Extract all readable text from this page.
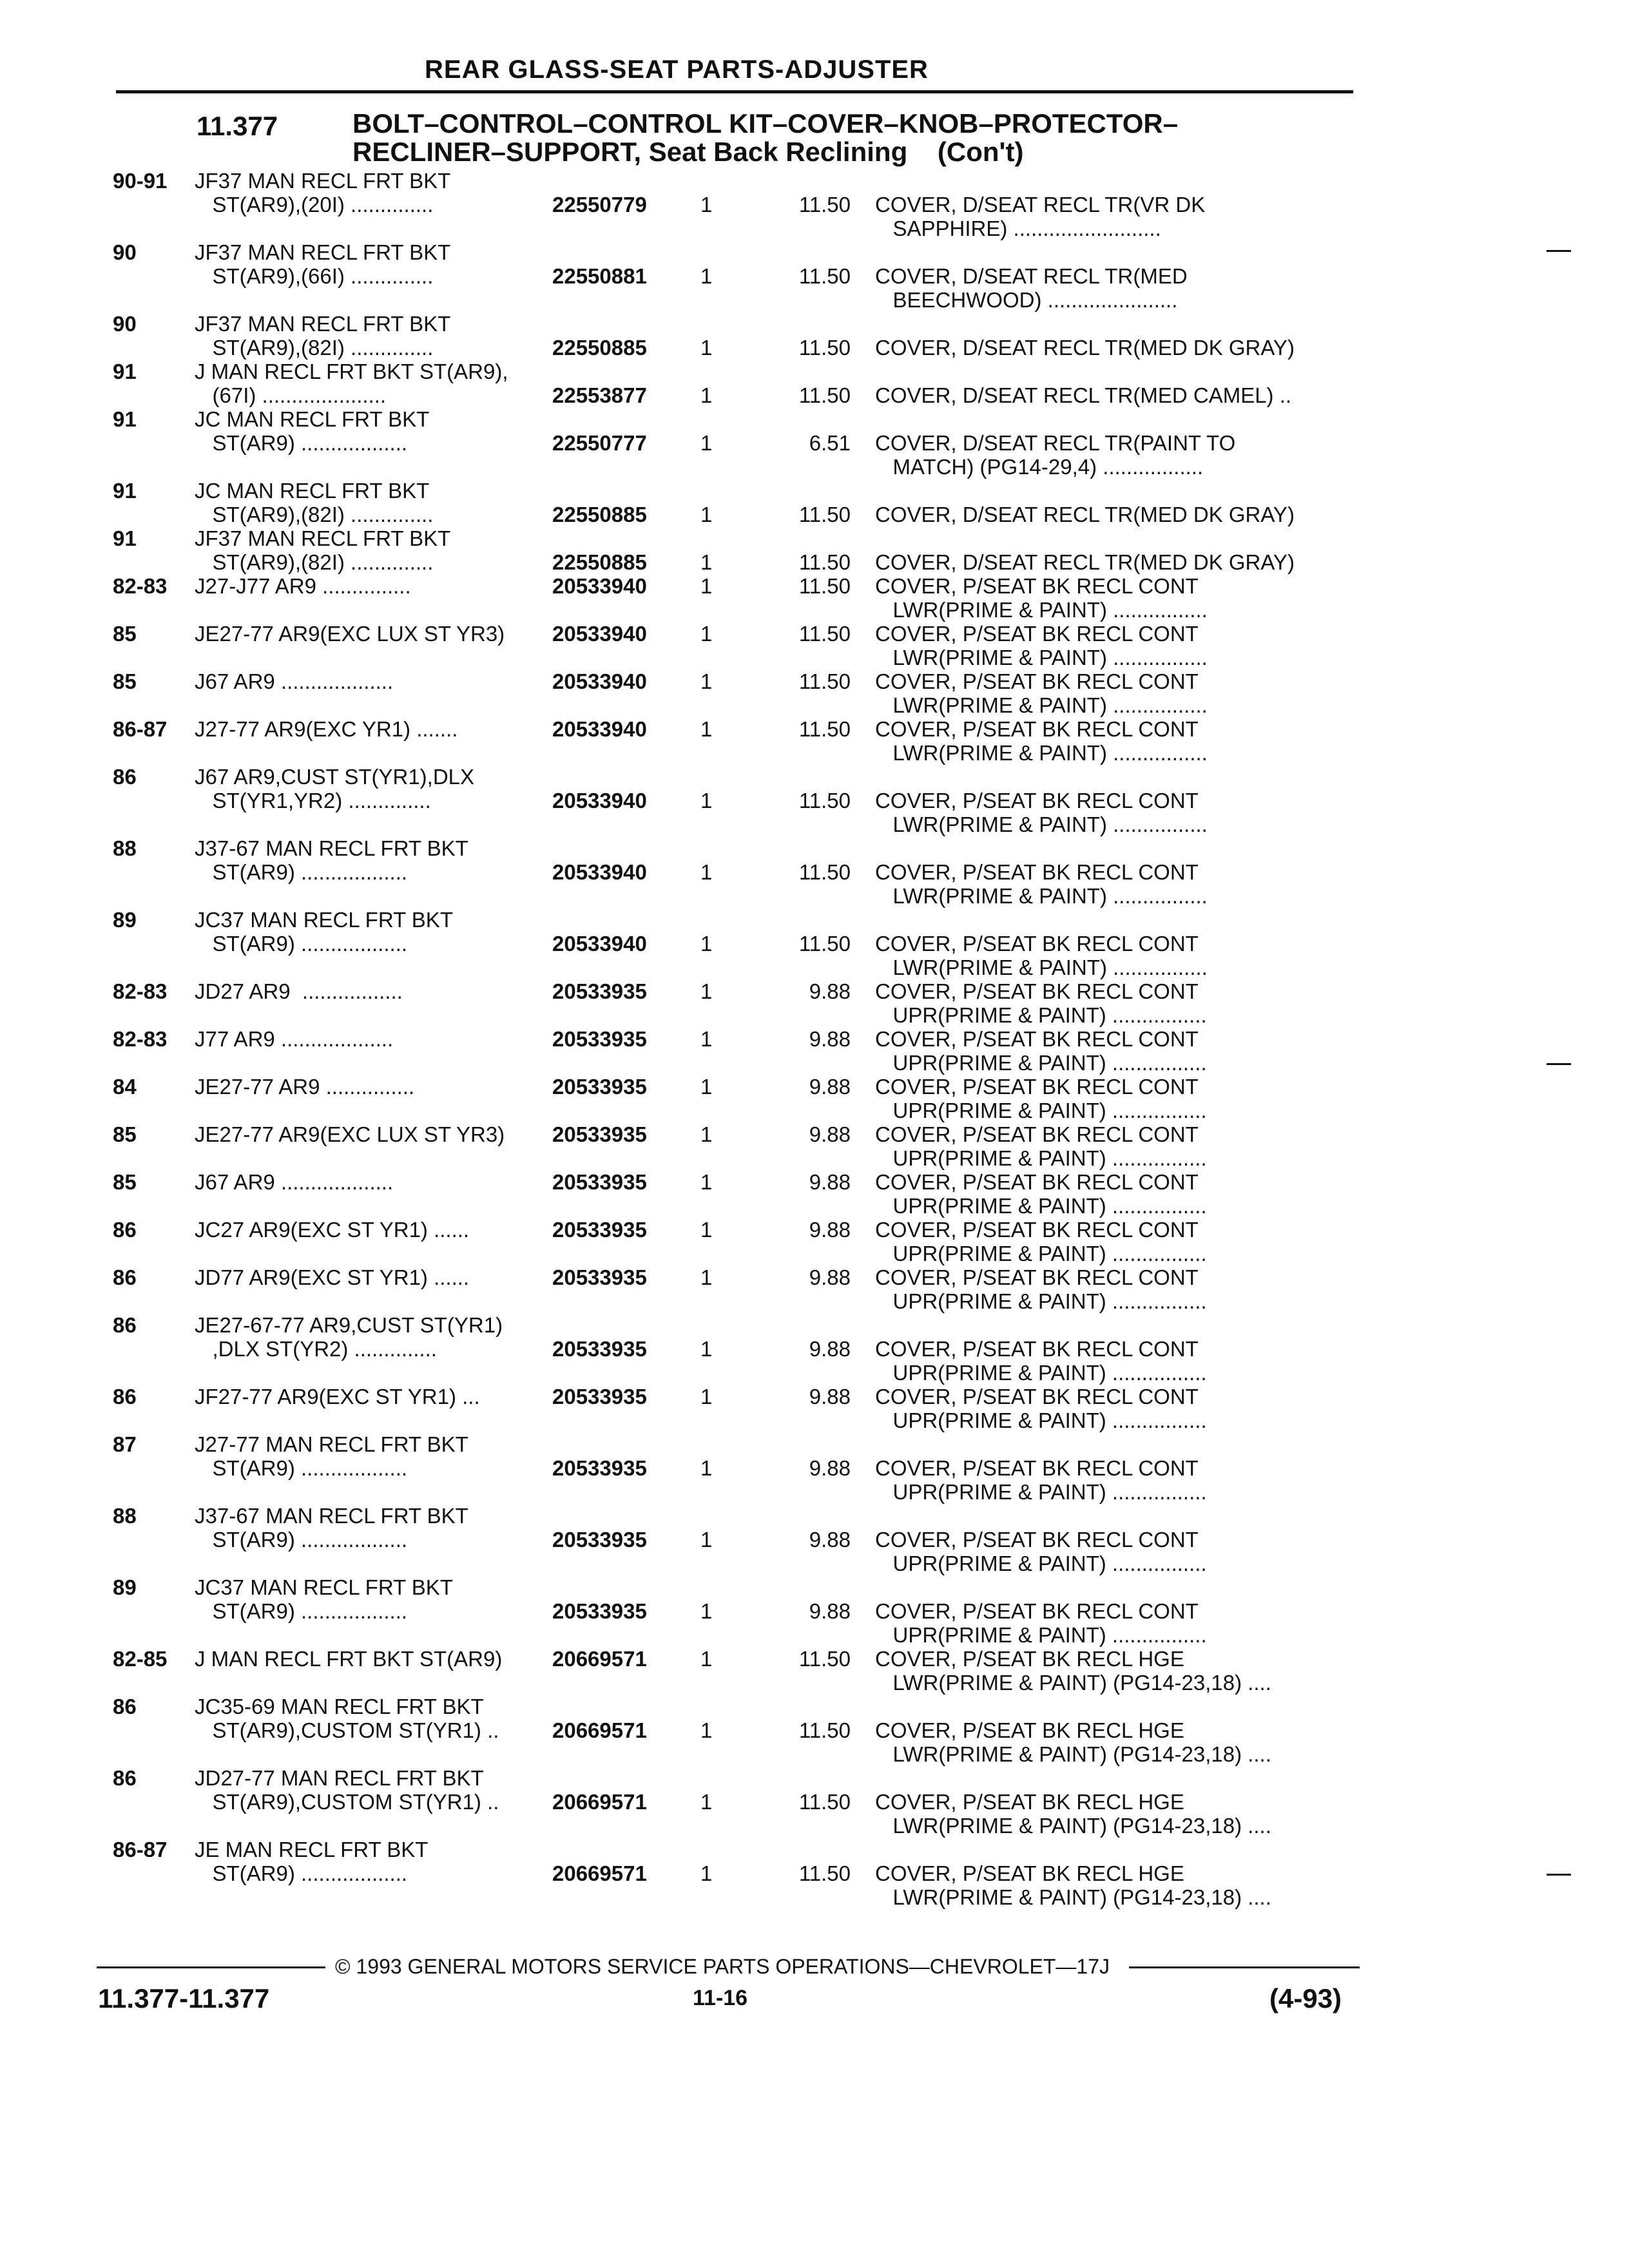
REAR GLASS-SEAT PARTS-ADJUSTER
11.377	BOLT–CONTROL–CONTROL KIT–COVER–KNOB–PROTECTOR–
RECLINER–SUPPORT, Seat Back Reclining    (Con't)
90-91	JF37 MAN RECL FRT BKT
ST(AR9),(20I) ..............	22550779	1	11.50 COVER, D/SEAT RECL TR(VR DK
SAPPHIRE) .........................
90	JF37 MAN RECL FRT BKT
ST(AR9),(66I) ..............	22550881	1	11.50 COVER, D/SEAT RECL TR(MED
BEECHWOOD) ......................
90	JF37 MAN RECL FRT BKT
ST(AR9),(82I) ..............	22550885	1	11.50 COVER, D/SEAT RECL TR(MED DK GRAY)
91	J MAN RECL FRT BKT ST(AR9),
(67I) .....................	22553877	1	11.50 COVER, D/SEAT RECL TR(MED CAMEL) ..
91	JC MAN RECL FRT BKT
ST(AR9) ..................	22550777	1	6.51 COVER, D/SEAT RECL TR(PAINT TO
MATCH) (PG14-29,4) .................
91	JC MAN RECL FRT BKT
ST(AR9),(82I) ..............	22550885	1	11.50 COVER, D/SEAT RECL TR(MED DK GRAY)
91	JF37 MAN RECL FRT BKT
ST(AR9),(82I) ..............	22550885	1	11.50 COVER, D/SEAT RECL TR(MED DK GRAY)
82-83	J27-J77 AR9 ...............	20533940	1	11.50 COVER, P/SEAT BK RECL CONT
LWR(PRIME & PAINT) ................
85	JE27-77 AR9(EXC LUX ST YR3)	20533940	1	11.50 COVER, P/SEAT BK RECL CONT
LWR(PRIME & PAINT) ................
85	J67 AR9 ...................	20533940	1	11.50 COVER, P/SEAT BK RECL CONT
LWR(PRIME & PAINT) ................
86-87	J27-77 AR9(EXC YR1) .......	20533940	1	11.50 COVER, P/SEAT BK RECL CONT
LWR(PRIME & PAINT) ................
86	J67 AR9,CUST ST(YR1),DLX
ST(YR1,YR2) ..............	20533940	1	11.50 COVER, P/SEAT BK RECL CONT
LWR(PRIME & PAINT) ................
88	J37-67 MAN RECL FRT BKT
ST(AR9) ..................	20533940	1	11.50 COVER, P/SEAT BK RECL CONT
LWR(PRIME & PAINT) ................
89	JC37 MAN RECL FRT BKT
ST(AR9) ..................	20533940	1	11.50 COVER, P/SEAT BK RECL CONT
LWR(PRIME & PAINT) ................
82-83	JD27 AR9  .................	20533935	1	9.88 COVER, P/SEAT BK RECL CONT
UPR(PRIME & PAINT) ................
82-83	J77 AR9 ...................	20533935	1	9.88 COVER, P/SEAT BK RECL CONT
UPR(PRIME & PAINT) ................
84	JE27-77 AR9 ...............	20533935	1	9.88 COVER, P/SEAT BK RECL CONT
UPR(PRIME & PAINT) ................
85	JE27-77 AR9(EXC LUX ST YR3)	20533935	1	9.88 COVER, P/SEAT BK RECL CONT
UPR(PRIME & PAINT) ................
85	J67 AR9 ...................	20533935	1	9.88 COVER, P/SEAT BK RECL CONT
UPR(PRIME & PAINT) ................
86	JC27 AR9(EXC ST YR1) ......	20533935	1	9.88 COVER, P/SEAT BK RECL CONT
UPR(PRIME & PAINT) ................
86	JD77 AR9(EXC ST YR1) ......	20533935	1	9.88 COVER, P/SEAT BK RECL CONT
UPR(PRIME & PAINT) ................
86	JE27-67-77 AR9,CUST ST(YR1)
,DLX ST(YR2) ..............	20533935	1	9.88 COVER, P/SEAT BK RECL CONT
UPR(PRIME & PAINT) ................
86	JF27-77 AR9(EXC ST YR1) ...	20533935	1	9.88 COVER, P/SEAT BK RECL CONT
UPR(PRIME & PAINT) ................
87	J27-77 MAN RECL FRT BKT
ST(AR9) ..................	20533935	1	9.88 COVER, P/SEAT BK RECL CONT
UPR(PRIME & PAINT) ................
88	J37-67 MAN RECL FRT BKT
ST(AR9) ..................	20533935	1	9.88 COVER, P/SEAT BK RECL CONT
UPR(PRIME & PAINT) ................
89	JC37 MAN RECL FRT BKT
ST(AR9) ..................	20533935	1	9.88 COVER, P/SEAT BK RECL CONT
UPR(PRIME & PAINT) ................
82-85	J MAN RECL FRT BKT ST(AR9)	20669571	1	11.50 COVER, P/SEAT BK RECL HGE
LWR(PRIME & PAINT) (PG14-23,18) ....
86	JC35-69 MAN RECL FRT BKT
ST(AR9),CUSTOM ST(YR1) ..	20669571	1	11.50 COVER, P/SEAT BK RECL HGE
LWR(PRIME & PAINT) (PG14-23,18) ....
86	JD27-77 MAN RECL FRT BKT
ST(AR9),CUSTOM ST(YR1) ..	20669571	1	11.50 COVER, P/SEAT BK RECL HGE
LWR(PRIME & PAINT) (PG14-23,18) ....
86-87	JE MAN RECL FRT BKT
ST(AR9) ..................	20669571	1	11.50 COVER, P/SEAT BK RECL HGE
LWR(PRIME & PAINT) (PG14-23,18) ....
© 1993 GENERAL MOTORS SERVICE PARTS OPERATIONS—CHEVROLET—17J
11.377-11.377	11-16	(4-93)
